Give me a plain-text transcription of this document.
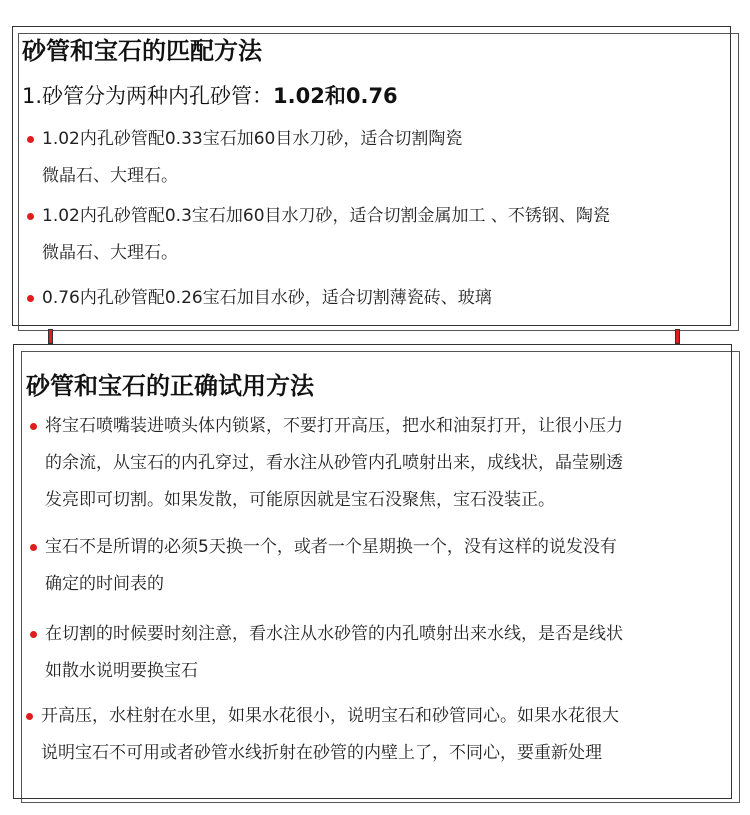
砂管和宝石的匹配方法
1.砂管分为两种内孔砂管：1.02和0.76
1.02内孔砂管配0.33宝石加60目水刀砂，适合切割陶瓷
微晶石、大理石。
1.02内孔砂管配0.3宝石加60目水刀砂，适合切割金属加工 、不锈钢、陶瓷
微晶石、大理石。
0.76内孔砂管配0.26宝石加目水砂，适合切割薄瓷砖、玻璃
砂管和宝石的正确试用方法
将宝石喷嘴装进喷头体内锁紧，不要打开高压，把水和油泵打开，让很小压力
的余流，从宝石的内孔穿过，看水注从砂管内孔喷射出来，成线状，晶莹剔透
发亮即可切割。如果发散，可能原因就是宝石没聚焦，宝石没装正。
宝石不是所谓的必须5天换一个，或者一个星期换一个，没有这样的说发没有
确定的时间表的
在切割的时候要时刻注意，看水注从水砂管的内孔喷射出来水线，是否是线状
如散水说明要换宝石
开高压，水柱射在水里，如果水花很小，说明宝石和砂管同心。如果水花很大
说明宝石不可用或者砂管水线折射在砂管的内壁上了，不同心，要重新处理
